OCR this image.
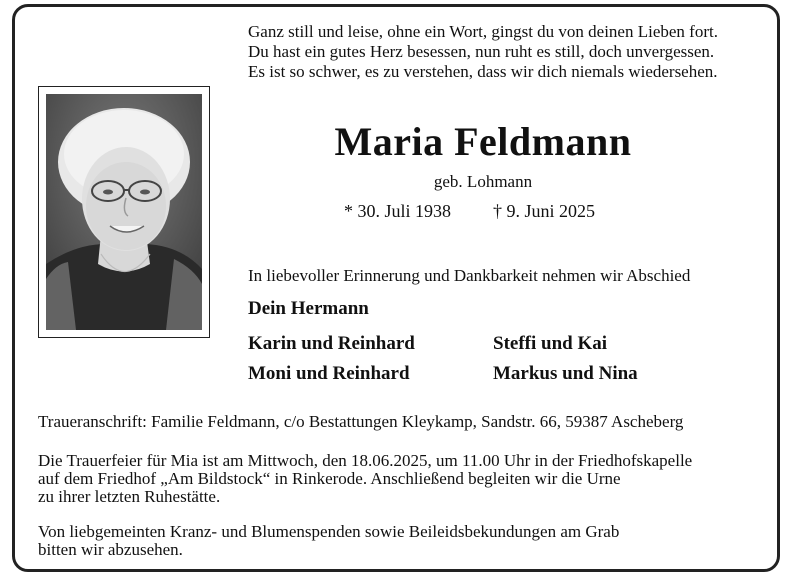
Ganz still und leise, ohne ein Wort, gingst du von deinen Lieben fort.
Du hast ein gutes Herz besessen, nun ruht es still, doch unvergessen.
Es ist so schwer, es zu verstehen, dass wir dich niemals wiedersehen.
Maria Feldmann
geb. Lohmann
* 30. Juli 1938 † 9. Juni 2025
In liebevoller Erinnerung und Dankbarkeit nehmen wir Abschied
Dein Hermann
Karin und Reinhard
Moni und Reinhard
Steffi und Kai
Markus und Nina
Traueranschrift: Familie Feldmann, c/o Bestattungen Kleykamp, Sandstr. 66, 59387 Ascheberg
Die Trauerfeier für Mia ist am Mittwoch, den 18.06.2025, um 11.00 Uhr in der Friedhofskapelle
auf dem Friedhof „Am Bildstock“ in Rinkerode. Anschließend begleiten wir die Urne
zu ihrer letzten Ruhestätte.
Von liebgemeinten Kranz- und Blumenspenden sowie Beileidsbekundungen am Grab
bitten wir abzusehen.
